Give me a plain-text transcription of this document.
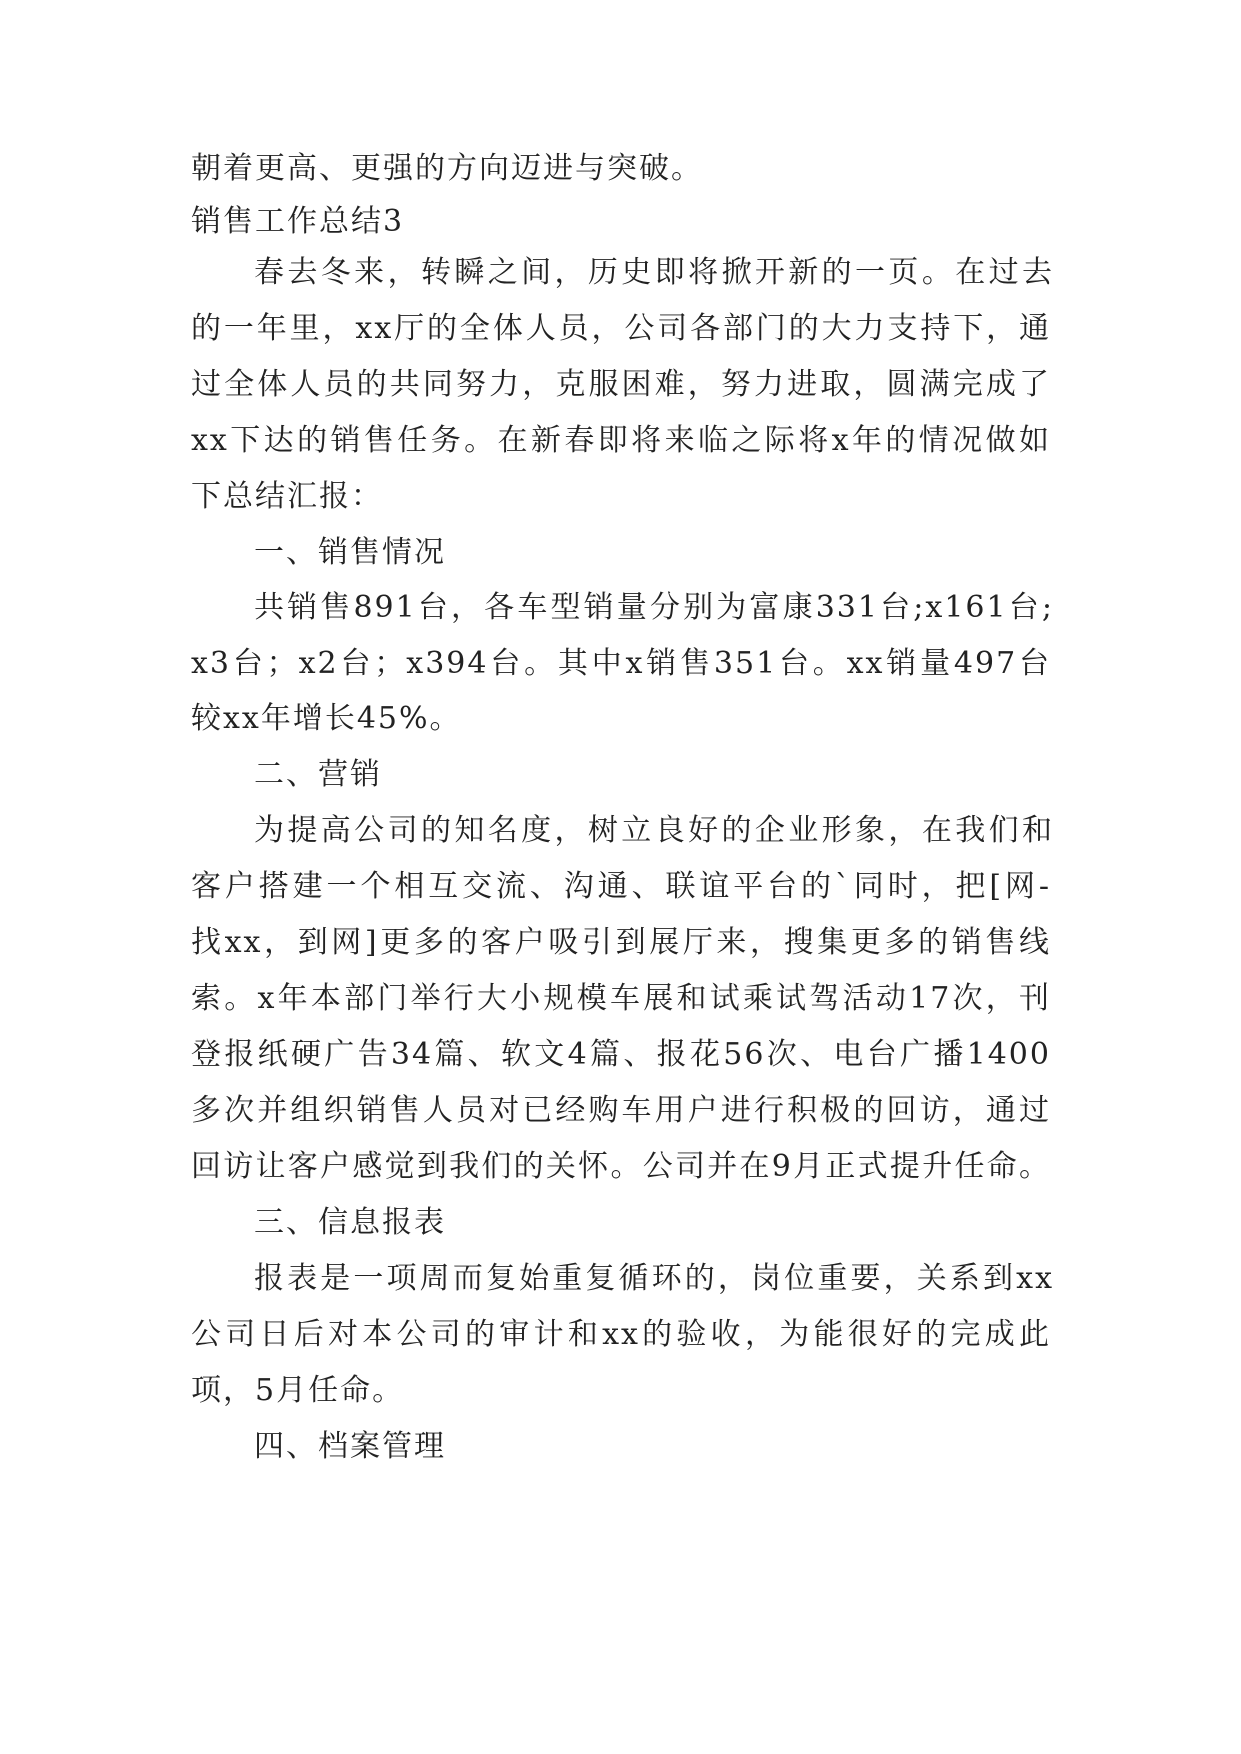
朝着更高、更强的方向迈进与突破。
销售工作总结3
春去冬来，转瞬之间，历史即将掀开新的一页。在过去
的一年里，xx厅的全体人员，公司各部门的大力支持下，通
过全体人员的共同努力，克服困难，努力进取，圆满完成了
xx下达的销售任务。在新春即将来临之际将x年的情况做如
下总结汇报：
一、销售情况
共销售891台，各车型销量分别为富康331台;x161台;
x3台；x2台；x394台。其中x销售351台。xx销量497台
较xx年增长45%。
二、营销
为提高公司的知名度，树立良好的企业形象，在我们和
客户搭建一个相互交流、沟通、联谊平台的`同时，把[网-
找xx，到网]更多的客户吸引到展厅来，搜集更多的销售线
索。x年本部门举行大小规模车展和试乘试驾活动17次，刊
登报纸硬广告34篇、软文4篇、报花56次、电台广播1400
多次并组织销售人员对已经购车用户进行积极的回访，通过
回访让客户感觉到我们的关怀。公司并在9月正式提升任命。
三、信息报表
报表是一项周而复始重复循环的，岗位重要，关系到xx
公司日后对本公司的审计和xx的验收，为能很好的完成此
项，5月任命。
四、档案管理
